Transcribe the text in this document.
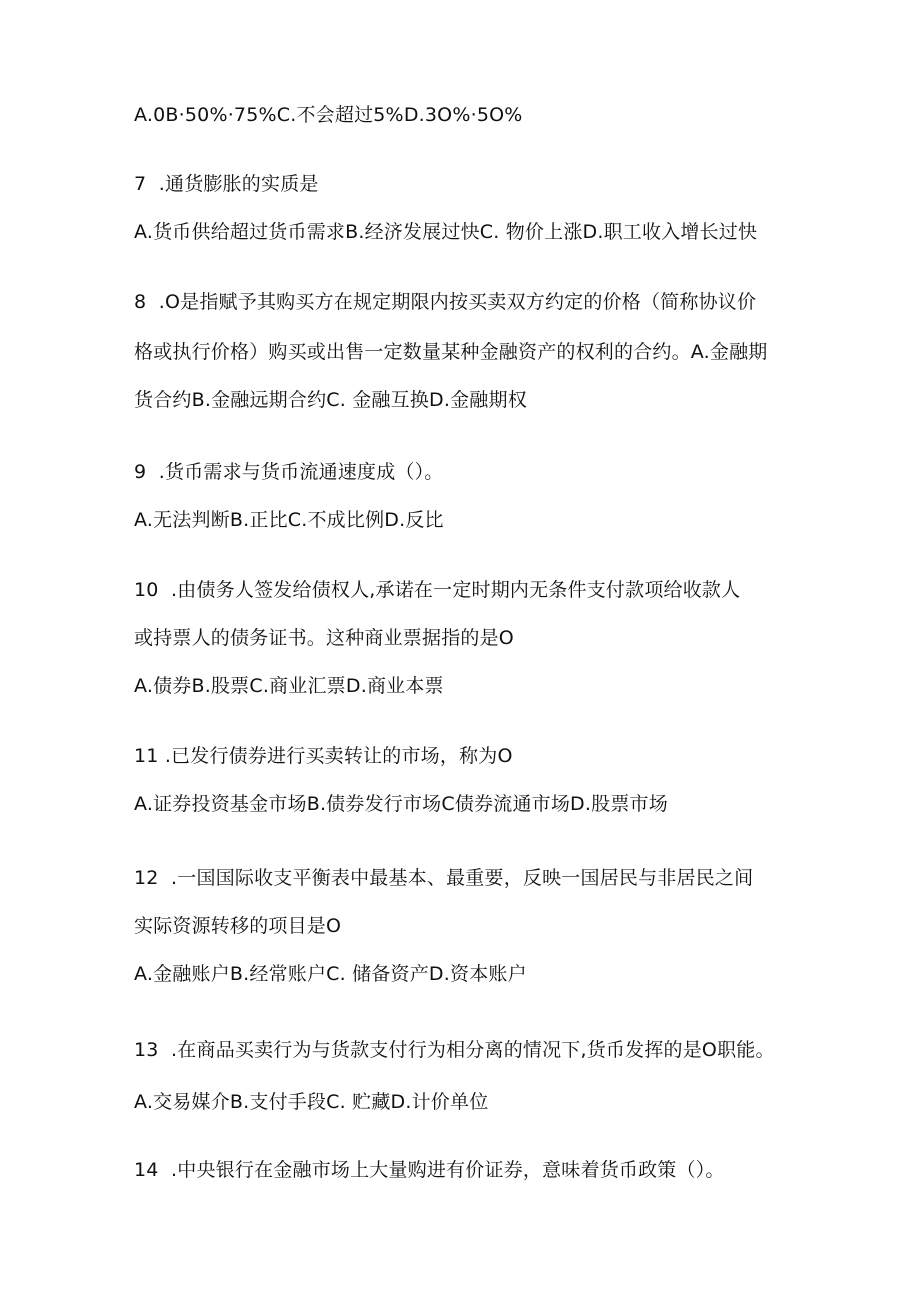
A.0B·50%·75%C.不会超过5%D.3O%·5O%
7  .通货膨胀的实质是
A.货币供给超过货币需求B.经济发展过快C. 物价上涨D.职工收入增长过快
8  .O是指赋予其购买方在规定期限内按买卖双方约定的价格（简称协议价
格或执行价格）购买或出售一定数量某种金融资产的权利的合约。A.金融期
货合约B.金融远期合约C. 金融互换D.金融期权
9  .货币需求与货币流通速度成（）。
A.无法判断B.正比C.不成比例D.反比
10  .由债务人签发给债权人,承诺在一定时期内无条件支付款项给收款人
或持票人的债务证书。这种商业票据指的是O
A.债券B.股票C.商业汇票D.商业本票
11 .已发行债券进行买卖转让的市场，称为O
A.证券投资基金市场B.债券发行市场C债券流通市场D.股票市场
12  .一国国际收支平衡表中最基本、最重要，反映一国居民与非居民之间
实际资源转移的项目是O
A.金融账户B.经常账户C. 储备资产D.资本账户
13  .在商品买卖行为与货款支付行为相分离的情况下,货币发挥的是O职能。
A.交易媒介B.支付手段C. 贮藏D.计价单位
14  .中央银行在金融市场上大量购进有价证券，意味着货币政策（）。
